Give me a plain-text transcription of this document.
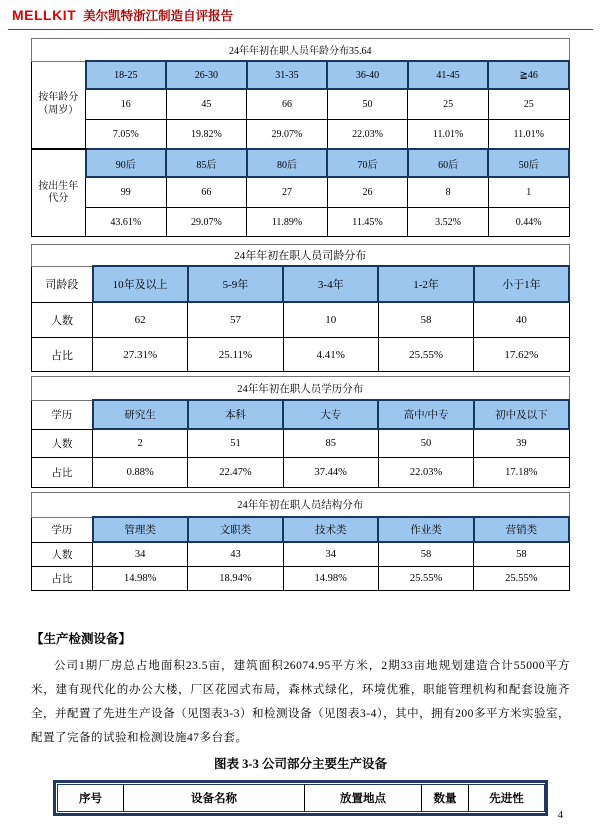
MELLKIT 美尔凯特浙江制造自评报告
24年年初在职人员年龄分布35.64						
按年龄分（周岁）	18-25	26-30	31-35	36-40	41-45	≧46
	16	45	66	50	25	25
	7.05%	19.82%	29.07%	22.03%	11.01%	11.01%
按出生年代分	90后	85后	80后	70后	60后	50后
	99	66	27	26	8	1
	43.61%	29.07%	11.89%	11.45%	3.52%	0.44%
24年年初在职人员司龄分布					
司龄段	10年及以上	5-9年	3-4年	1-2年	小于1年
人数	62	57	10	58	40
占比	27.31%	25.11%	4.41%	25.55%	17.62%
24年年初在职人员学历分布					
学历	研究生	本科	大专	高中/中专	初中及以下
人数	2	51	85	50	39
占比	0.88%	22.47%	37.44%	22.03%	17.18%
24年年初在职人员结构分布					
学历	管理类	文职类	技术类	作业类	营销类
人数	34	43	34	58	58
占比	14.98%	18.94%	14.98%	25.55%	25.55%
【生产检测设备】
公司1期厂房总占地面积23.5亩，建筑面积26074.95平方米，2期33亩地规划建造合计55000平方米，建有现代化的办公大楼，厂区花园式布局，森林式绿化，环境优雅，职能管理机构和配套设施齐全，并配置了先进生产设备（见图表3-3）和检测设备（见图表3-4），其中，拥有200多平方米实验室，配置了完备的试验和检测设施47多台套。
图表 3-3 公司部分主要生产设备
序号	设备名称	放置地点	数量	先进性
4
